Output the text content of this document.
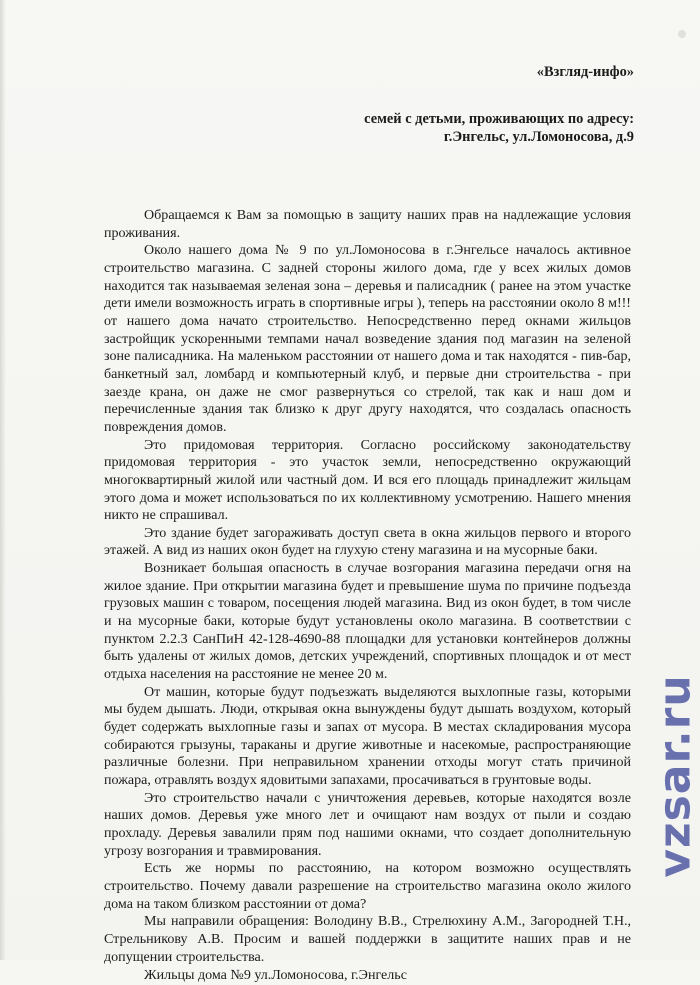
«Взгляд-инфо»
семей с детьми, проживающих по адресу:
г.Энгельс, ул.Ломоносова, д.9

Обращаемся к Вам за помощью в защиту наших прав на надлежащие условия проживания.

Около нашего дома № 9 по ул.Ломоносова в г.Энгельсе началось активное строительство магазина. С задней стороны жилого дома, где у всех жилых домов находится так называемая зеленая зона – деревья и палисадник ( ранее на этом участке дети имели возможность играть в спортивные игры ), теперь на расстоянии около 8 м!!! от нашего дома начато строительство. Непосредственно перед окнами жильцов застройщик ускоренными темпами начал возведение здания под магазин на зеленой зоне палисадника. На маленьком расстоянии от нашего дома и так находятся - пив-бар, банкетный зал, ломбард и компьютерный клуб, и первые дни строительства - при заезде крана, он даже не смог развернуться со стрелой, так как и наш дом и перечисленные здания так близко к друг другу находятся, что создалась опасность повреждения домов.

Это придомовая территория. Согласно российскому законодательству придомовая территория - это участок земли, непосредственно окружающий многоквартирный жилой или частный дом. И вся его площадь принадлежит жильцам этого дома и может использоваться по их коллективному усмотрению. Нашего мнения никто не спрашивал.

Это здание будет загораживать доступ света в окна жильцов первого и второго этажей. А вид из наших окон будет на глухую стену магазина и на мусорные баки.

Возникает большая опасность в случае возгорания магазина передачи огня на жилое здание. При открытии магазина будет и превышение шума по причине подъезда грузовых машин с товаром, посещения людей магазина. Вид из окон будет, в том числе и на мусорные баки, которые будут установлены около магазина. В соответствии с пунктом 2.2.3 СанПиН 42-128-4690-88 площадки для установки контейнеров должны быть удалены от жилых домов, детских учреждений, спортивных площадок и от мест отдыха населения на расстояние не менее 20 м.

От машин, которые будут подъезжать выделяются выхлопные газы, которыми мы будем дышать. Люди, открывая окна вынуждены будут дышать воздухом, который будет содержать выхлопные газы и запах от мусора. В местах складирования мусора собираются грызуны, тараканы и другие животные и насекомые, распространяющие различные болезни. При неправильном хранении отходы могут стать причиной пожара, отравлять воздух ядовитыми запахами, просачиваться в грунтовые воды.

Это строительство начали с уничтожения деревьев, которые находятся возле наших домов. Деревья уже много лет и очищают нам воздух от пыли и создаю прохладу. Деревья завалили прям под нашими окнами, что создает дополнительную угрозу возгорания и травмирования.

Есть же нормы по расстоянию, на котором возможно осуществлять строительство. Почему давали разрешение на строительство магазина около жилого дома на таком близком расстоянии от дома?

Мы направили обращения: Володину В.В., Стрелюхину А.М., Загородней Т.Н., Стрельникову А.В. Просим и вашей поддержки в защитите наших прав и не допущении строительства.

Жильцы дома №9 ул.Ломоносова, г.Энгельс

vzsar.ru
